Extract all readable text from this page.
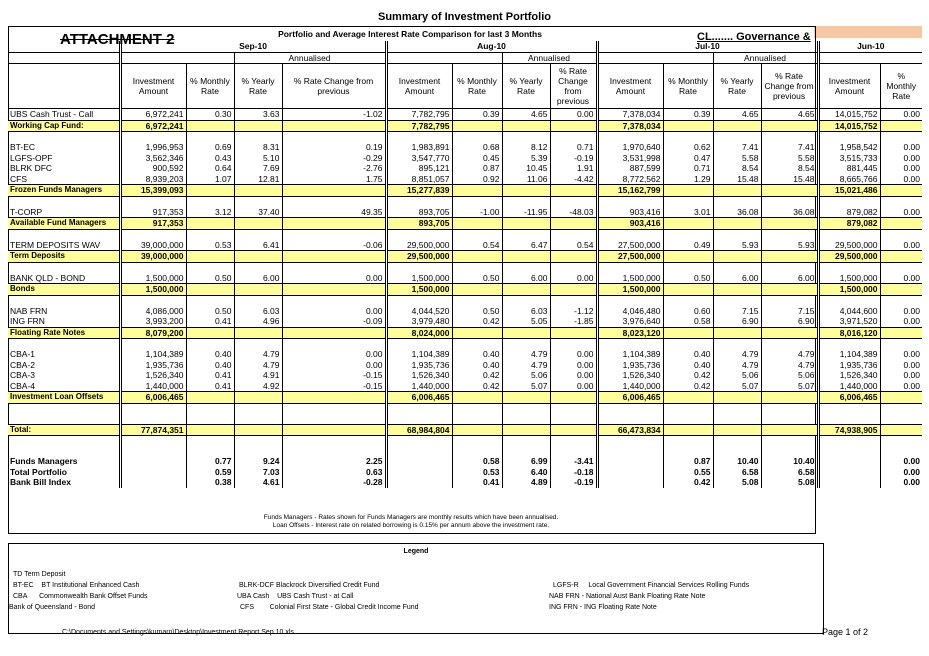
Summary of Investment Portfolio
ATTACHMENT 2	Portfolio and Average Interest Rate Comparison for last 3 Months	CL....... Governance &
	Sep-10				Aug-10				Jul-10				Jun-10	
			Annualised				Annualised				Annualised			
	Investment Amount	% Monthly Rate	% Yearly Rate	% Rate Change from previous	Investment Amount	% Monthly Rate	% Yearly Rate	% Rate Change from previous	Investment Amount	% Monthly Rate	% Yearly Rate	% Rate Change from previous	Investment Amount	% Monthly Rate
UBS Cash Trust - Call	6,972,241	0.30	3.63	-1.02	7,782,795	0.39	4.65	0.00	7,378,034	0.39	4.65	4.65	14,015,752	0.00
Working Cap Fund:	6,972,241				7,782,795				7,378,034				14,015,752	

BT-EC	1,996,953	0.69	8.31	0.19	1,983,891	0.68	8.12	0.71	1,970,640	0.62	7.41	7.41	1,958,542	0.00
LGFS-OPF	3,562,346	0.43	5.10	-0.29	3,547,770	0.45	5.39	-0.19	3,531,998	0.47	5.58	5.58	3,515,733	0.00
BLRK DFC	900,592	0.64	7.69	-2.76	895,121	0.87	10.45	1.91	887,599	0.71	8.54	8.54	881,445	0.00
CFS	8,939,203	1.07	12.81	1.75	8,851,057	0.92	11.06	-4.42	8,772,562	1.29	15.48	15.48	8,665,766	0.00
Frozen Funds Managers	15,399,093				15,277,839				15,162,799				15,021,486	

T-CORP	917,353	3.12	37.40	49.35	893,705	-1.00	-11.95	-48.03	903,416	3.01	36.08	36.08	879,082	0.00
Available Fund Managers	917,353				893,705				903,416				879,082	

TERM DEPOSITS WAV	39,000,000	0.53	6.41	-0.06	29,500,000	0.54	6.47	0.54	27,500,000	0.49	5.93	5.93	29,500,000	0.00
Term Deposits	39,000,000				29,500,000				27,500,000				29,500,000	

BANK QLD - BOND	1,500,000	0.50	6.00	0.00	1,500,000	0.50	6.00	0.00	1,500,000	0.50	6.00	6.00	1,500,000	0.00
Bonds	1,500,000				1,500,000				1,500,000				1,500,000	

NAB FRN	4,086,000	0.50	6.03	0.00	4,044,520	0.50	6.03	-1.12	4,046,480	0.60	7.15	7.15	4,044,600	0.00
ING FRN	3,993,200	0.41	4.96	-0.09	3,979,480	0.42	5.05	-1.85	3,976,640	0.58	6.90	6.90	3,971,520	0.00
Floating Rate Notes	8,079,200				8,024,000				8,023,120				8,016,120	

CBA-1	1,104,389	0.40	4.79	0.00	1,104,389	0.40	4.79	0.00	1,104,389	0.40	4.79	4.79	1,104,389	0.00
CBA-2	1,935,736	0.40	4.79	0.00	1,935,736	0.40	4.79	0.00	1,935,736	0.40	4.79	4.79	1,935,736	0.00
CBA-3	1,526,340	0.41	4.91	-0.15	1,526,340	0.42	5.06	0.00	1,526,340	0.42	5.06	5.06	1,526,340	0.00
CBA-4	1,440,000	0.41	4.92	-0.15	1,440,000	0.42	5.07	0.00	1,440,000	0.42	5.07	5.07	1,440,000	0.00
Investment Loan Offsets	6,006,465				6,006,465				6,006,465				6,006,465	

Total:	77,874,351				68,984,804				66,473,834				74,938,905	

Funds Managers		0.77	9.24	2.25		0.58	6.99	-3.41		0.87	10.40	10.40		0.00
Total Portfolio		0.59	7.03	0.63		0.53	6.40	-0.18		0.55	6.58	6.58		0.00
Bank Bill Index		0.38	4.61	-0.28		0.41	4.89	-0.19		0.42	5.08	5.08		0.00
Funds Managers - Rates shown for Funds Managers are monthly results which have been annualised.
Loan Offsets - Interest rate on related borrowing is 0.15% per annum above the investment rate.
Legend
TD Term Deposit
BT-EC BT Institutional Enhanced Cash
CBA Commonwealth Bank Offset Funds
Bank of Queensland - Bond
BLRK-DCF Blackrock Diversified Credit Fund
UBA Cash UBS Cash Trust - at Call
CFS Colonial First State - Global Credit Income Fund
LGFS-R Local Government Financial Services Rolling Funds
NAB FRN - National Aust Bank Floating Rate Note
ING FRN - ING Floating Rate Note
C:\Documents and Settings\kumarn\Desktop\Investment Report Sep 10.xls	Page 1 of 2
